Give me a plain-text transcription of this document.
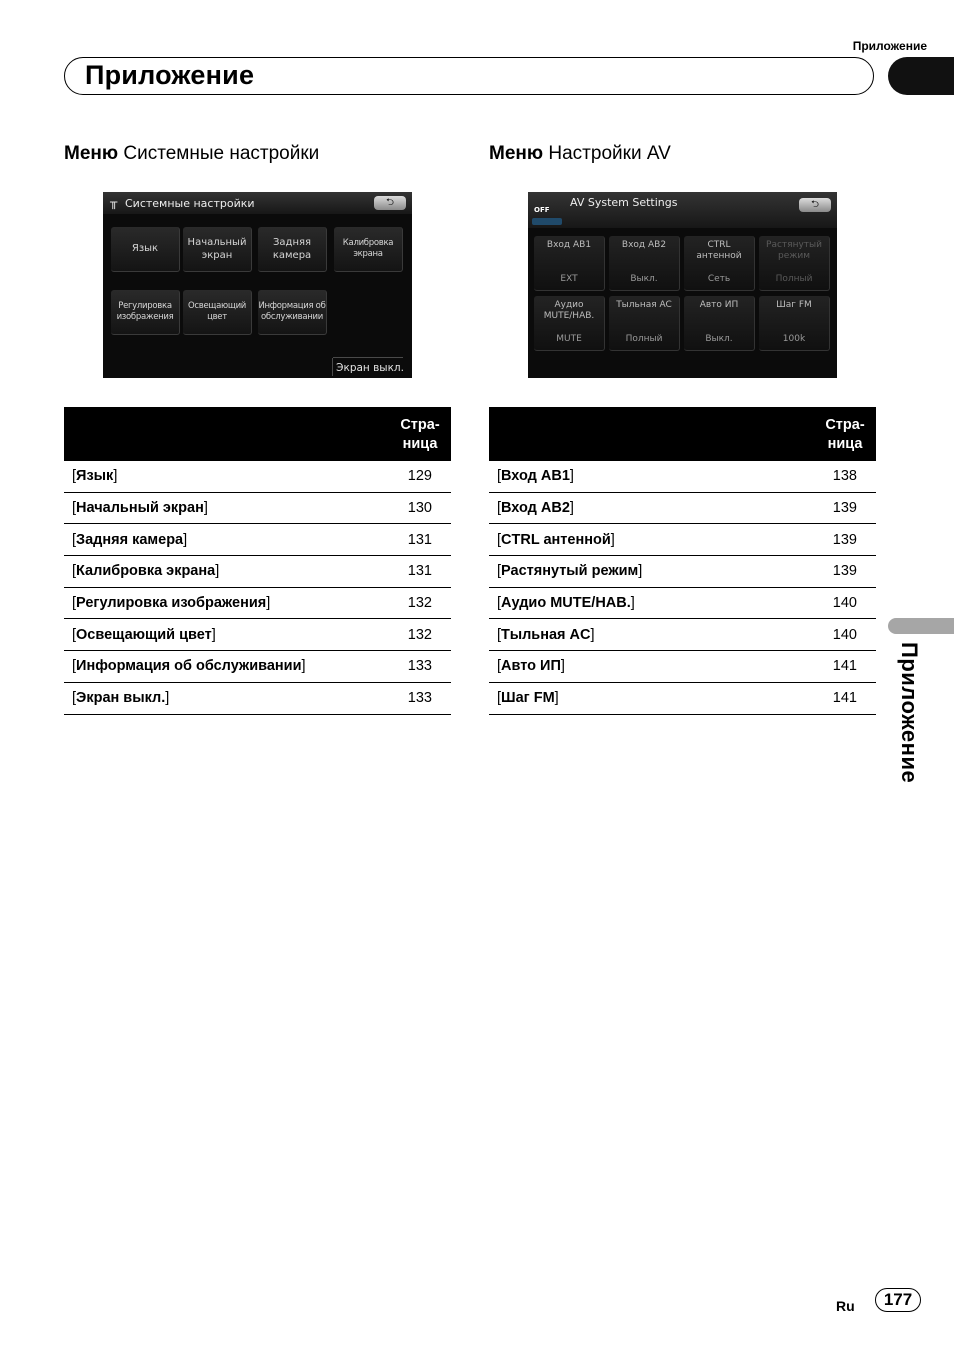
Приложение
Приложение
Меню Системные настройки
╥ Системные настройки	⮌
Язык
Начальный экран
Задняя камера
Калибровка экрана
Регулировка изображения
Освещающий цвет
Информация об обслуживании
Экран выкл.
	Стра-
ница
[Язык]	129
[Начальный экран]	130
[Задняя камера]	131
[Калибровка экрана]	131
[Регулировка изображения]	132
[Освещающий цвет]	132
[Информация об обслуживании]	133
[Экран выкл.]	133
Меню Настройки AV
AV System Settings
OFF	⮌
Вход AB1
EXT
Вход AB2
Выкл.
CTRL антенной
Сеть
Растянутый режим
Полный
Аудио MUTE/HAB.
MUTE
Тыльная AC
Полный
Авто ИП
Выкл.
Шаг FM
100k
	Стра-
ница
[Вход AB1]	138
[Вход AB2]	139
[CTRL антенной]	139
[Растянутый режим]	139
[Аудио MUTE/HAB.]	140
[Тыльная AC]	140
[Авто ИП]	141
[Шаг FM]	141 Приложение
Ru	177
